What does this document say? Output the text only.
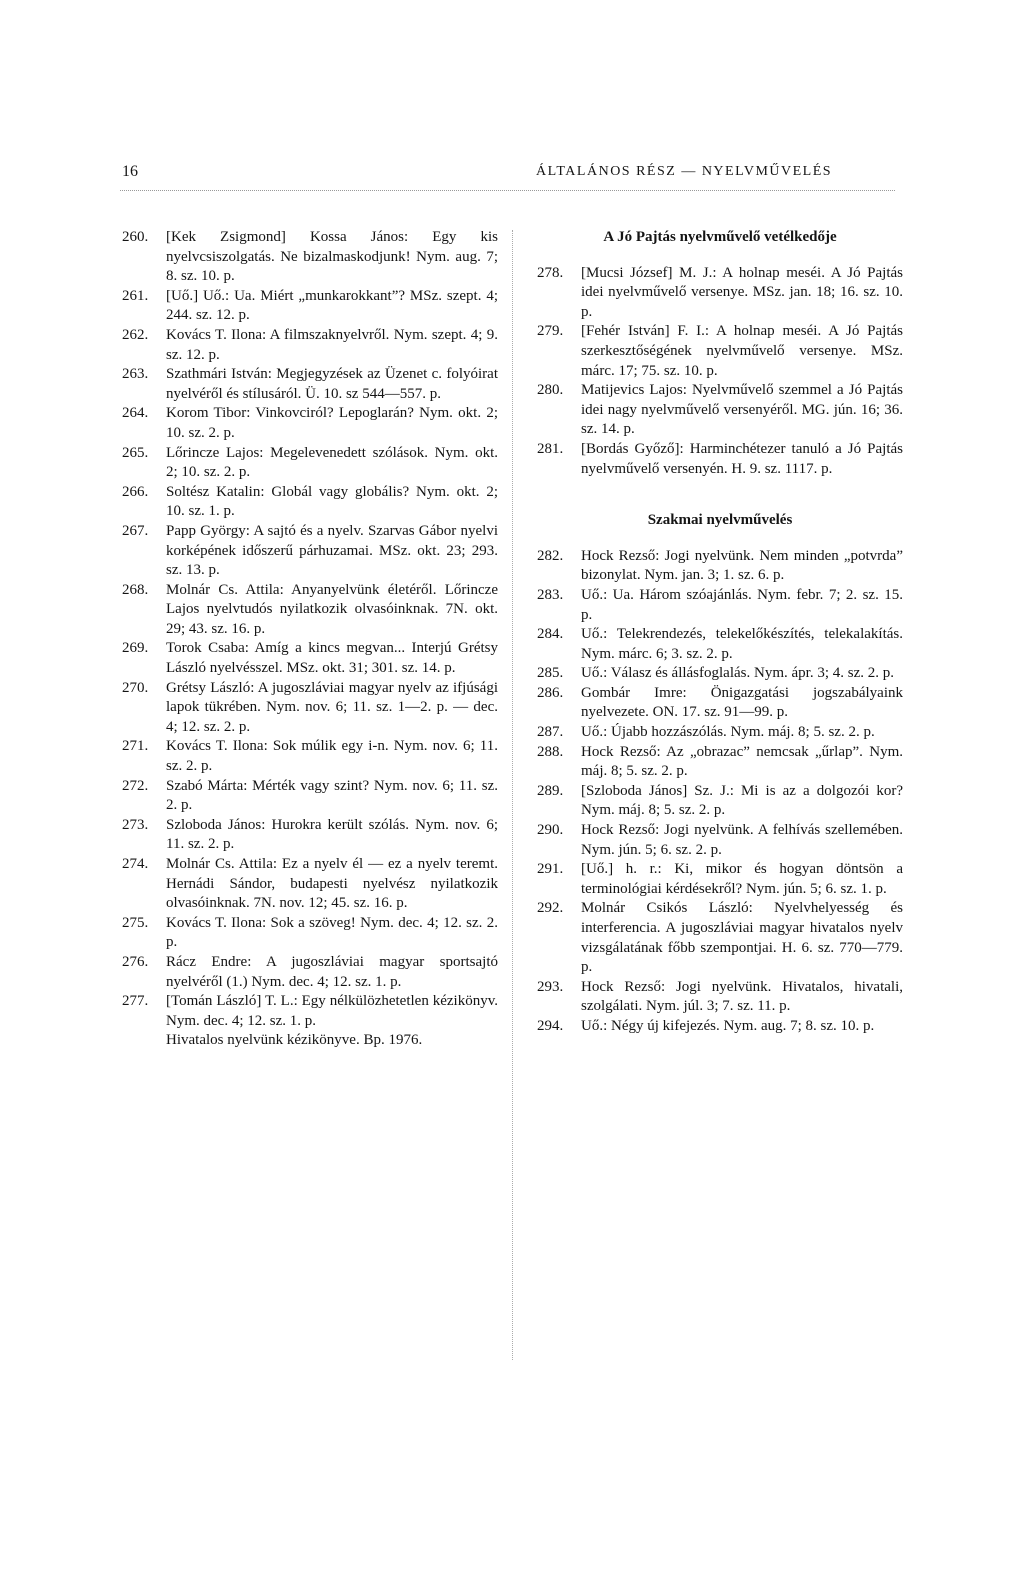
16	ÁLTALÁNOS RÉSZ — NYELVMŰVELÉS
260.	[Kek Zsigmond] Kossa János: Egy kis nyelvcsiszolgatás. Ne bizalmaskodjunk! Nym. aug. 7; 8. sz. 10. p.
261.	[Uő.] Uő.: Ua. Miért „munkarokkant”? MSz. szept. 4; 244. sz. 12. p.
262.	Kovács T. Ilona: A filmszaknyelvről. Nym. szept. 4; 9. sz. 12. p.
263.	Szathmári István: Megjegyzések az Üzenet c. folyóirat nyelvéről és stílusáról. Ü. 10. sz 544—557. p.
264.	Korom Tibor: Vinkovciról? Lepoglarán? Nym. okt. 2; 10. sz. 2. p.
265.	Lőrincze Lajos: Megelevenedett szólások. Nym. okt. 2; 10. sz. 2. p.
266.	Soltész Katalin: Globál vagy globális? Nym. okt. 2; 10. sz. 1. p.
267.	Papp György: A sajtó és a nyelv. Szarvas Gábor nyelvi korképének időszerű párhuzamai. MSz. okt. 23; 293. sz. 13. p.
268.	Molnár Cs. Attila: Anyanyelvünk életéről. Lőrincze Lajos nyelvtudós nyilatkozik olvasóinknak. 7N. okt. 29; 43. sz. 16. p.
269.	Torok Csaba: Amíg a kincs megvan... Interjú Grétsy László nyelvésszel. MSz. okt. 31; 301. sz. 14. p.
270.	Grétsy László: A jugoszláviai magyar nyelv az ifjúsági lapok tükrében. Nym. nov. 6; 11. sz. 1—2. p. — dec. 4; 12. sz. 2. p.
271.	Kovács T. Ilona: Sok múlik egy i-n. Nym. nov. 6; 11. sz. 2. p.
272.	Szabó Márta: Mérték vagy szint? Nym. nov. 6; 11. sz. 2. p.
273.	Szloboda János: Hurokra került szólás. Nym. nov. 6; 11. sz. 2. p.
274.	Molnár Cs. Attila: Ez a nyelv él — ez a nyelv teremt. Hernádi Sándor, budapesti nyelvész nyilatkozik olvasóinknak. 7N. nov. 12; 45. sz. 16. p.
275.	Kovács T. Ilona: Sok a szöveg! Nym. dec. 4; 12. sz. 2. p.
276.	Rácz Endre: A jugoszláviai magyar sportsajtó nyelvéről (1.) Nym. dec. 4; 12. sz. 1. p.
277.	[Tomán László] T. L.: Egy nélkülözhetetlen kézikönyv. Nym. dec. 4; 12. sz. 1. p.
Hivatalos nyelvünk kézikönyve. Bp. 1976.
A Jó Pajtás nyelvművelő vetélkedője
278.	[Mucsi József] M. J.: A holnap meséi. A Jó Pajtás idei nyelvművelő versenye. MSz. jan. 18; 16. sz. 10. p.
279.	[Fehér István] F. I.: A holnap meséi. A Jó Pajtás szerkesztőségének nyelvművelő versenye. MSz. márc. 17; 75. sz. 10. p.
280.	Matijevics Lajos: Nyelvművelő szemmel a Jó Pajtás idei nagy nyelvművelő versenyéről. MG. jún. 16; 36. sz. 14. p.
281.	[Bordás Győző]: Harminchétezer tanuló a Jó Pajtás nyelvművelő versenyén. H. 9. sz. 1117. p.
Szakmai nyelvművelés
282.	Hock Rezső: Jogi nyelvünk. Nem minden „potvrda” bizonylat. Nym. jan. 3; 1. sz. 6. p.
283.	Uő.: Ua. Három szóajánlás. Nym. febr. 7; 2. sz. 15. p.
284.	Uő.: Telekrendezés, telekelőkészítés, telekalakítás. Nym. márc. 6; 3. sz. 2. p.
285.	Uő.: Válasz és állásfoglalás. Nym. ápr. 3; 4. sz. 2. p.
286.	Gombár Imre: Önigazgatási jogszabályaink nyelvezete. ON. 17. sz. 91—99. p.
287.	Uő.: Újabb hozzászólás. Nym. máj. 8; 5. sz. 2. p.
288.	Hock Rezső: Az „obrazac” nemcsak „űrlap”. Nym. máj. 8; 5. sz. 2. p.
289.	[Szloboda János] Sz. J.: Mi is az a dolgozói kor? Nym. máj. 8; 5. sz. 2. p.
290.	Hock Rezső: Jogi nyelvünk. A felhívás szellemében. Nym. jún. 5; 6. sz. 2. p.
291.	[Uő.] h. r.: Ki, mikor és hogyan döntsön a terminológiai kérdésekről? Nym. jún. 5; 6. sz. 1. p.
292.	Molnár Csikós László: Nyelvhelyesség és interferencia. A jugoszláviai magyar hivatalos nyelv vizsgálatának főbb szempontjai. H. 6. sz. 770—779. p.
293.	Hock Rezső: Jogi nyelvünk. Hivatalos, hivatali, szolgálati. Nym. júl. 3; 7. sz. 11. p.
294.	Uő.: Négy új kifejezés. Nym. aug. 7; 8. sz. 10. p.
